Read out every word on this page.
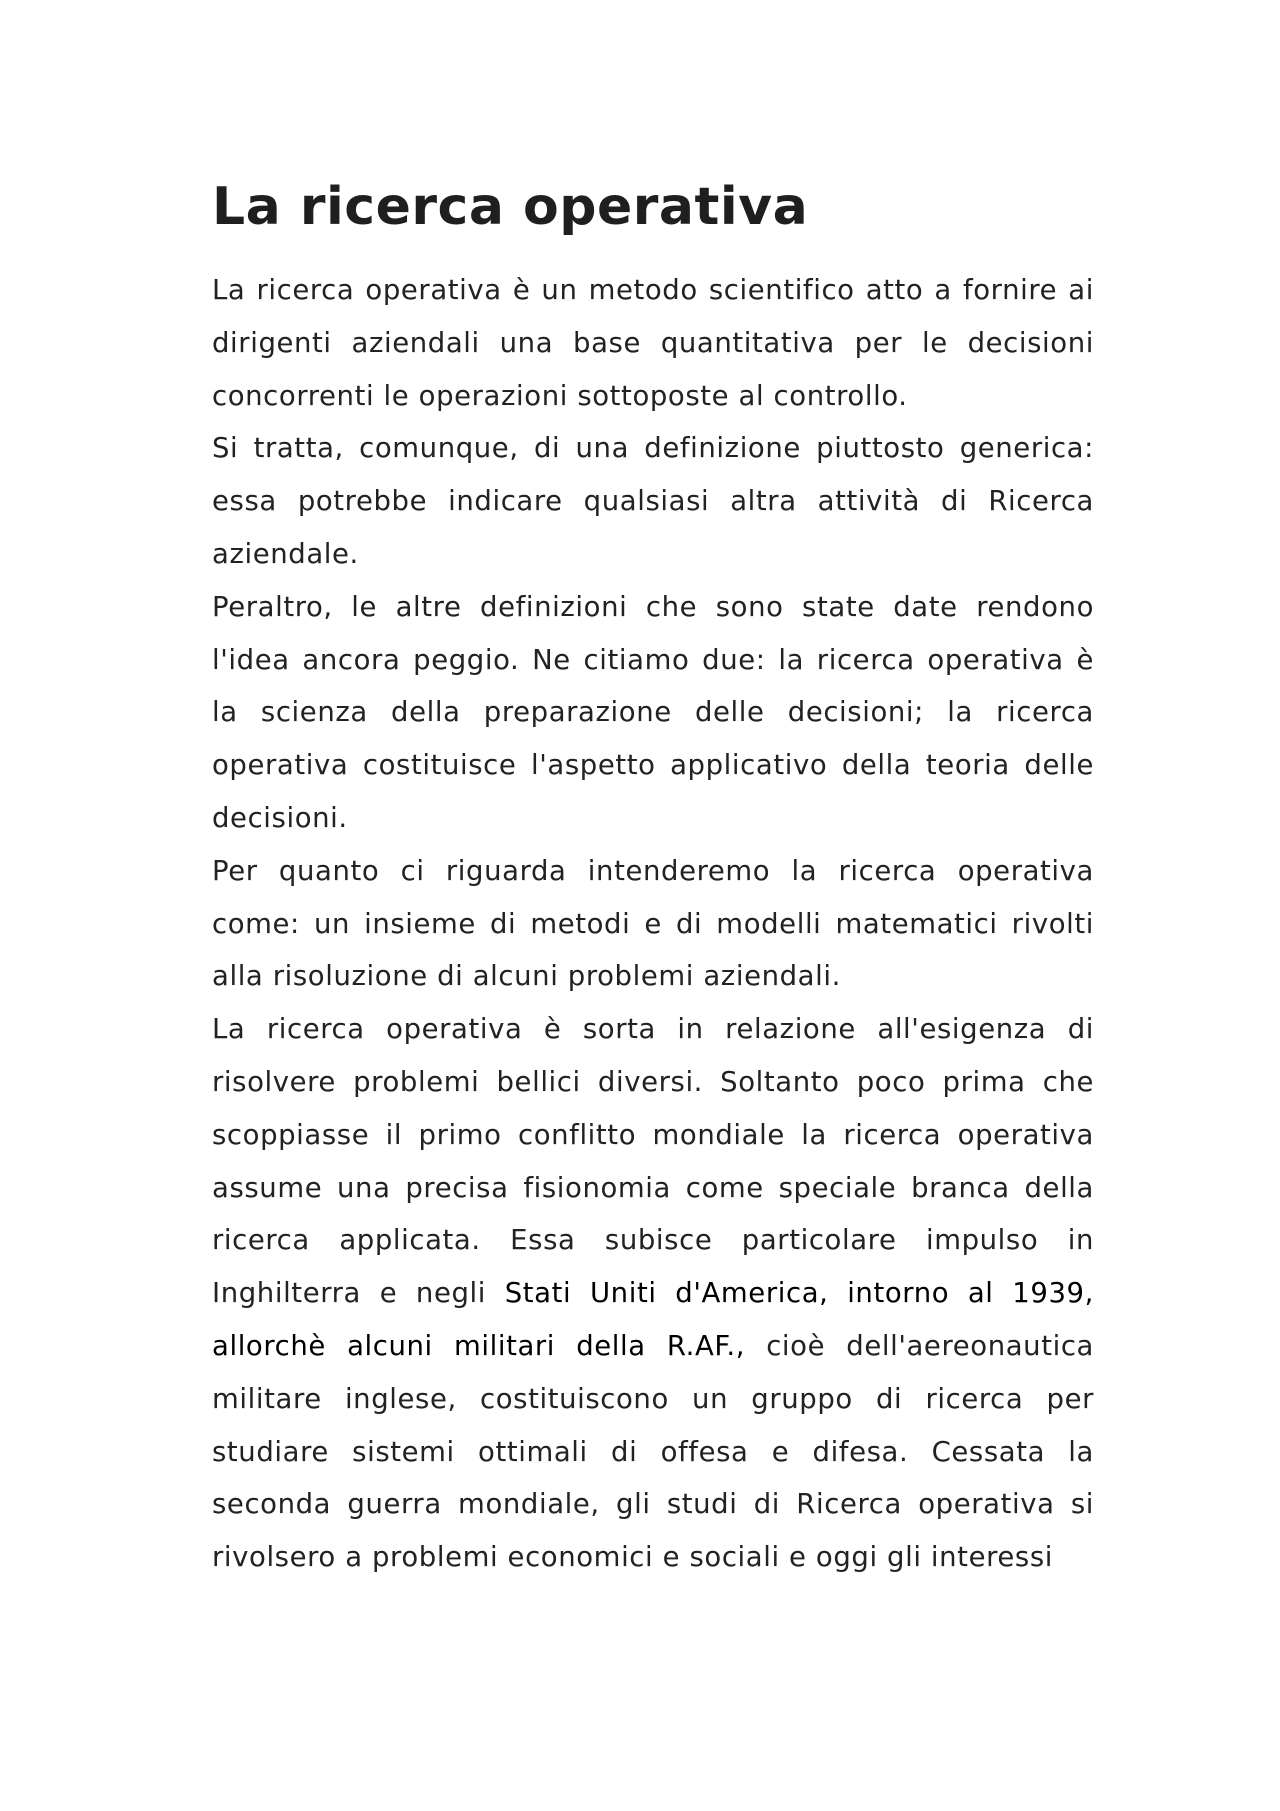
La ricerca operativa

La ricerca operativa è un metodo scientifico atto a fornire ai dirigenti aziendali una base quantitativa per le decisioni concorrenti le operazioni sottoposte al controllo.

Si tratta, comunque, di una definizione piuttosto generica: essa potrebbe indicare qualsiasi altra attività di Ricerca aziendale.

Peraltro, le altre definizioni che sono state date rendono l'idea ancora peggio. Ne citiamo due: la ricerca operativa è la scienza della preparazione delle decisioni; la ricerca operativa costituisce l'aspetto applicativo della teoria delle decisioni.

Per quanto ci riguarda intenderemo la ricerca operativa come: un insieme di metodi e di modelli matematici rivolti alla risoluzione di alcuni problemi aziendali.

La ricerca operativa è sorta in relazione all'esigenza di risolvere problemi bellici diversi. Soltanto poco prima che scoppiasse il primo conflitto mondiale la ricerca operativa assume una precisa fisionomia come speciale branca della ricerca applicata. Essa subisce particolare impulso in Inghilterra e negli Stati Uniti d'America, intorno al 1939, allorchè alcuni militari della R.AF., cioè dell'aereonautica militare inglese, costituiscono un gruppo di ricerca per studiare sistemi ottimali di offesa e difesa. Cessata la seconda guerra mondiale, gli studi di Ricerca operativa si rivolsero a problemi economici e sociali e oggi gli interessi
